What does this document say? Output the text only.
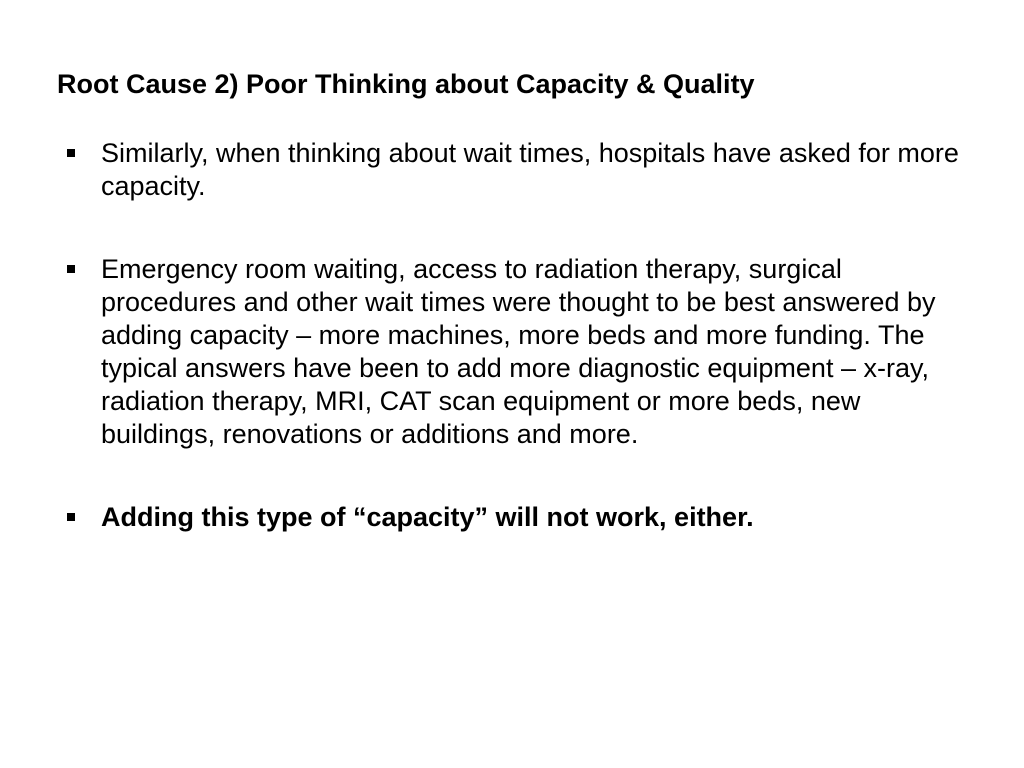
Root Cause 2) Poor Thinking about Capacity & Quality
Similarly, when thinking about wait times, hospitals have asked for more capacity.
Emergency room waiting, access to radiation therapy, surgical procedures and other wait times were thought to be best answered by adding capacity – more machines, more beds and more funding. The typical answers have been to add more diagnostic equipment – x-ray, radiation therapy, MRI, CAT scan equipment or more beds, new buildings, renovations or additions and more.
Adding this type of “capacity” will not work, either.
